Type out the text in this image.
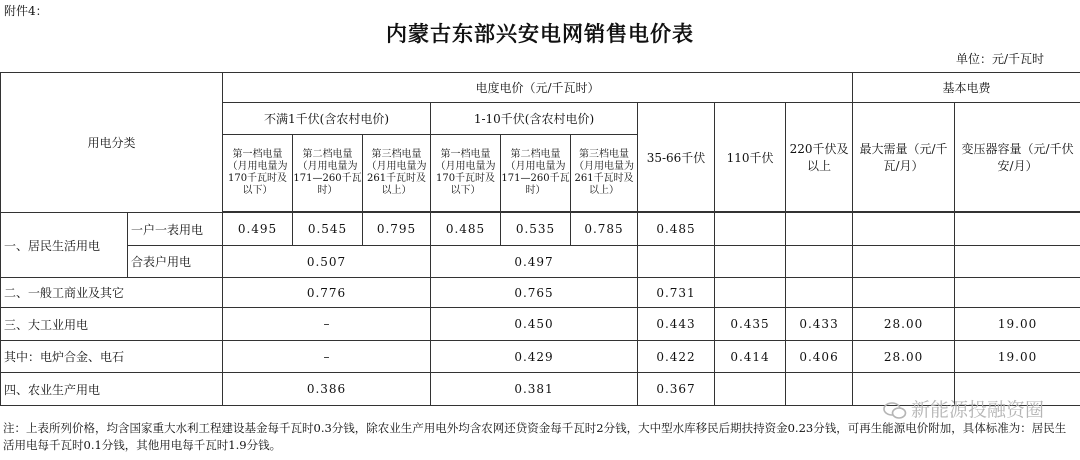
附件4：
内蒙古东部兴安电网销售电价表
单位：元/千瓦时
用电分类		电度电价（元/千瓦时）									基本电费	
		不满1千伏(含农村电价)			1-10千伏(含农村电价)			35-66千伏	110千伏	220千伏及以上	最大需量（元/千瓦/月）	变压器容量（元/千伏安/月）
		第一档电量（月用电量为170千瓦时及以下）	第二档电量（月用电量为171—260千瓦时）	第三档电量（月用电量为261千瓦时及以上）	第一档电量（月用电量为170千瓦时及以下）	第二档电量（月用电量为171—260千瓦时）	第三档电量（月用电量为261千瓦时及以上）					

一、居民生活用电	一户一表用电	0.495	0.545	0.795	0.485	0.535	0.785	0.485				
	合表户用电	0.507			0.497							
二、一般工商业及其它		0.776			0.765			0.731				
三、大工业用电		–			0.450			0.443	0.435	0.433	28.00	19.00
其中：电炉合金、电石		–			0.429			0.422	0.414	0.406	28.00	19.00
四、农业生产用电		0.386			0.381			0.367				
新能源投融资圈
注：上表所列价格，均含国家重大水利工程建设基金每千瓦时0.3分钱，除农业生产用电外均含农网还贷资金每千瓦时2分钱，大中型水库移民后期扶持资金0.23分钱，可再生能源电价附加，具体标准为：居民生活用电每千瓦时0.1分钱，其他用电每千瓦时1.9分钱。
